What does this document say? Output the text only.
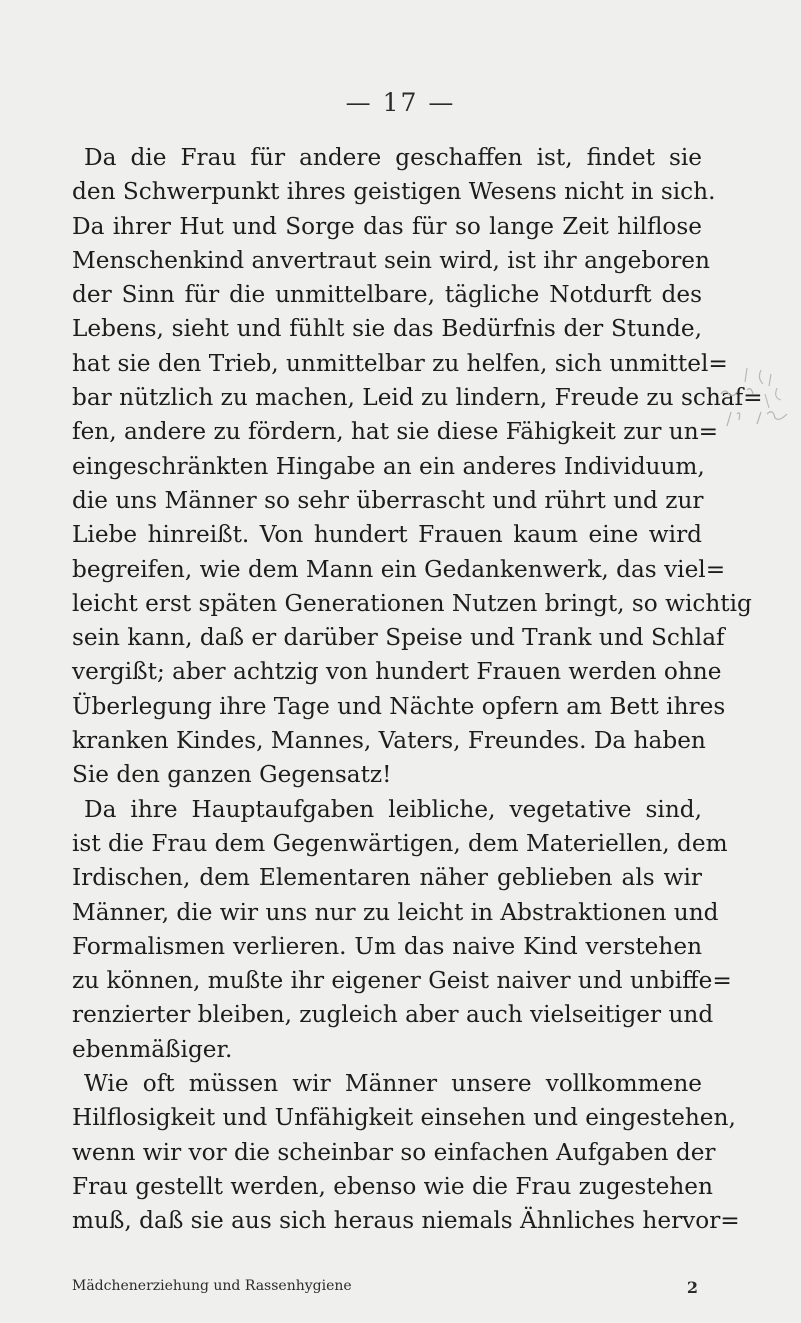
— 17 —
Da die Frau für andere geschaffen ist, findet sie
den Schwerpunkt ihres geistigen Wesens nicht in sich.
Da ihrer Hut und Sorge das für so lange Zeit hilflose
Menschenkind anvertraut sein wird, ist ihr angeboren
der Sinn für die unmittelbare, tägliche Notdurft des
Lebens, sieht und fühlt sie das Bedürfnis der Stunde,
hat sie den Trieb, unmittelbar zu helfen, sich unmittel=
bar nützlich zu machen, Leid zu lindern, Freude zu schaf=
fen, andere zu fördern, hat sie diese Fähigkeit zur un=
eingeschränkten Hingabe an ein anderes Individuum,
die uns Männer so sehr überrascht und rührt und zur
Liebe hinreißt. Von hundert Frauen kaum eine wird
begreifen, wie dem Mann ein Gedankenwerk, das viel=
leicht erst späten Generationen Nutzen bringt, so wichtig
sein kann, daß er darüber Speise und Trank und Schlaf
vergißt; aber achtzig von hundert Frauen werden ohne
Überlegung ihre Tage und Nächte opfern am Bett ihres
kranken Kindes, Mannes, Vaters, Freundes. Da haben
Sie den ganzen Gegensatz!
Da ihre Hauptaufgaben leibliche, vegetative sind,
ist die Frau dem Gegenwärtigen, dem Materiellen, dem
Irdischen, dem Elementaren näher geblieben als wir
Männer, die wir uns nur zu leicht in Abstraktionen und
Formalismen verlieren. Um das naive Kind verstehen
zu können, mußte ihr eigener Geist naiver und unbiffe=
renzierter bleiben, zugleich aber auch vielseitiger und
ebenmäßiger.
Wie oft müssen wir Männer unsere vollkommene
Hilflosigkeit und Unfähigkeit einsehen und eingestehen,
wenn wir vor die scheinbar so einfachen Aufgaben der
Frau gestellt werden, ebenso wie die Frau zugestehen
muß, daß sie aus sich heraus niemals Ähnliches hervor=
Mädchenerziehung und Rassenhygiene	2
